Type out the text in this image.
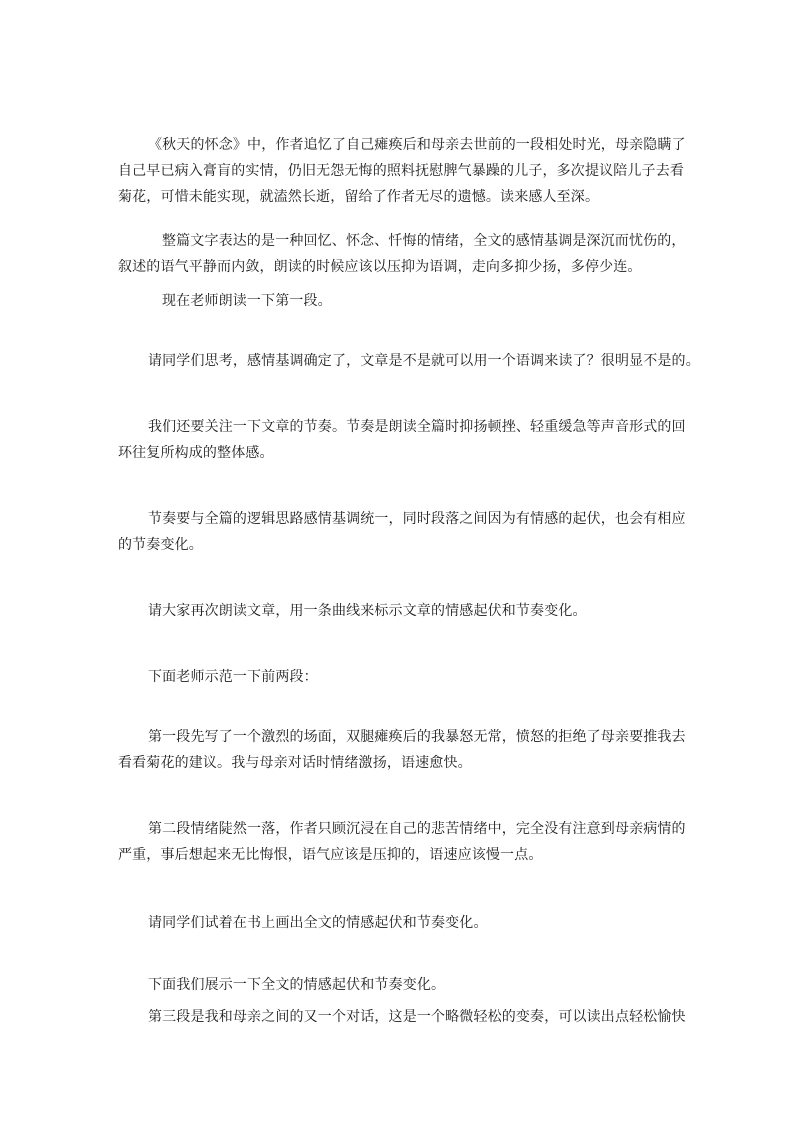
《秋天的怀念》中，作者追忆了自己瘫痪后和母亲去世前的一段相处时光，母亲隐瞒了
自己早已病入膏肓的实情，仍旧无怨无悔的照料抚慰脾气暴躁的儿子，多次提议陪儿子去看
菊花，可惜未能实现，就溘然长逝，留给了作者无尽的遗憾。读来感人至深。
整篇文字表达的是一种回忆、怀念、忏悔的情绪，全文的感情基调是深沉而忧伤的，
叙述的语气平静而内敛，朗读的时候应该以压抑为语调，走向多抑少扬，多停少连。
现在老师朗读一下第一段。
请同学们思考，感情基调确定了，文章是不是就可以用一个语调来读了？很明显不是的。
我们还要关注一下文章的节奏。节奏是朗读全篇时抑扬顿挫、轻重缓急等声音形式的回
环往复所构成的整体感。
节奏要与全篇的逻辑思路感情基调统一，同时段落之间因为有情感的起伏，也会有相应
的节奏变化。
请大家再次朗读文章，用一条曲线来标示文章的情感起伏和节奏变化。
下面老师示范一下前两段：
第一段先写了一个激烈的场面，双腿瘫痪后的我暴怒无常，愤怒的拒绝了母亲要推我去
看看菊花的建议。我与母亲对话时情绪激扬，语速愈快。
第二段情绪陡然一落，作者只顾沉浸在自己的悲苦情绪中，完全没有注意到母亲病情的
严重，事后想起来无比悔恨，语气应该是压抑的，语速应该慢一点。
请同学们试着在书上画出全文的情感起伏和节奏变化。
下面我们展示一下全文的情感起伏和节奏变化。
第三段是我和母亲之间的又一个对话，这是一个略微轻松的变奏，可以读出点轻松愉快
